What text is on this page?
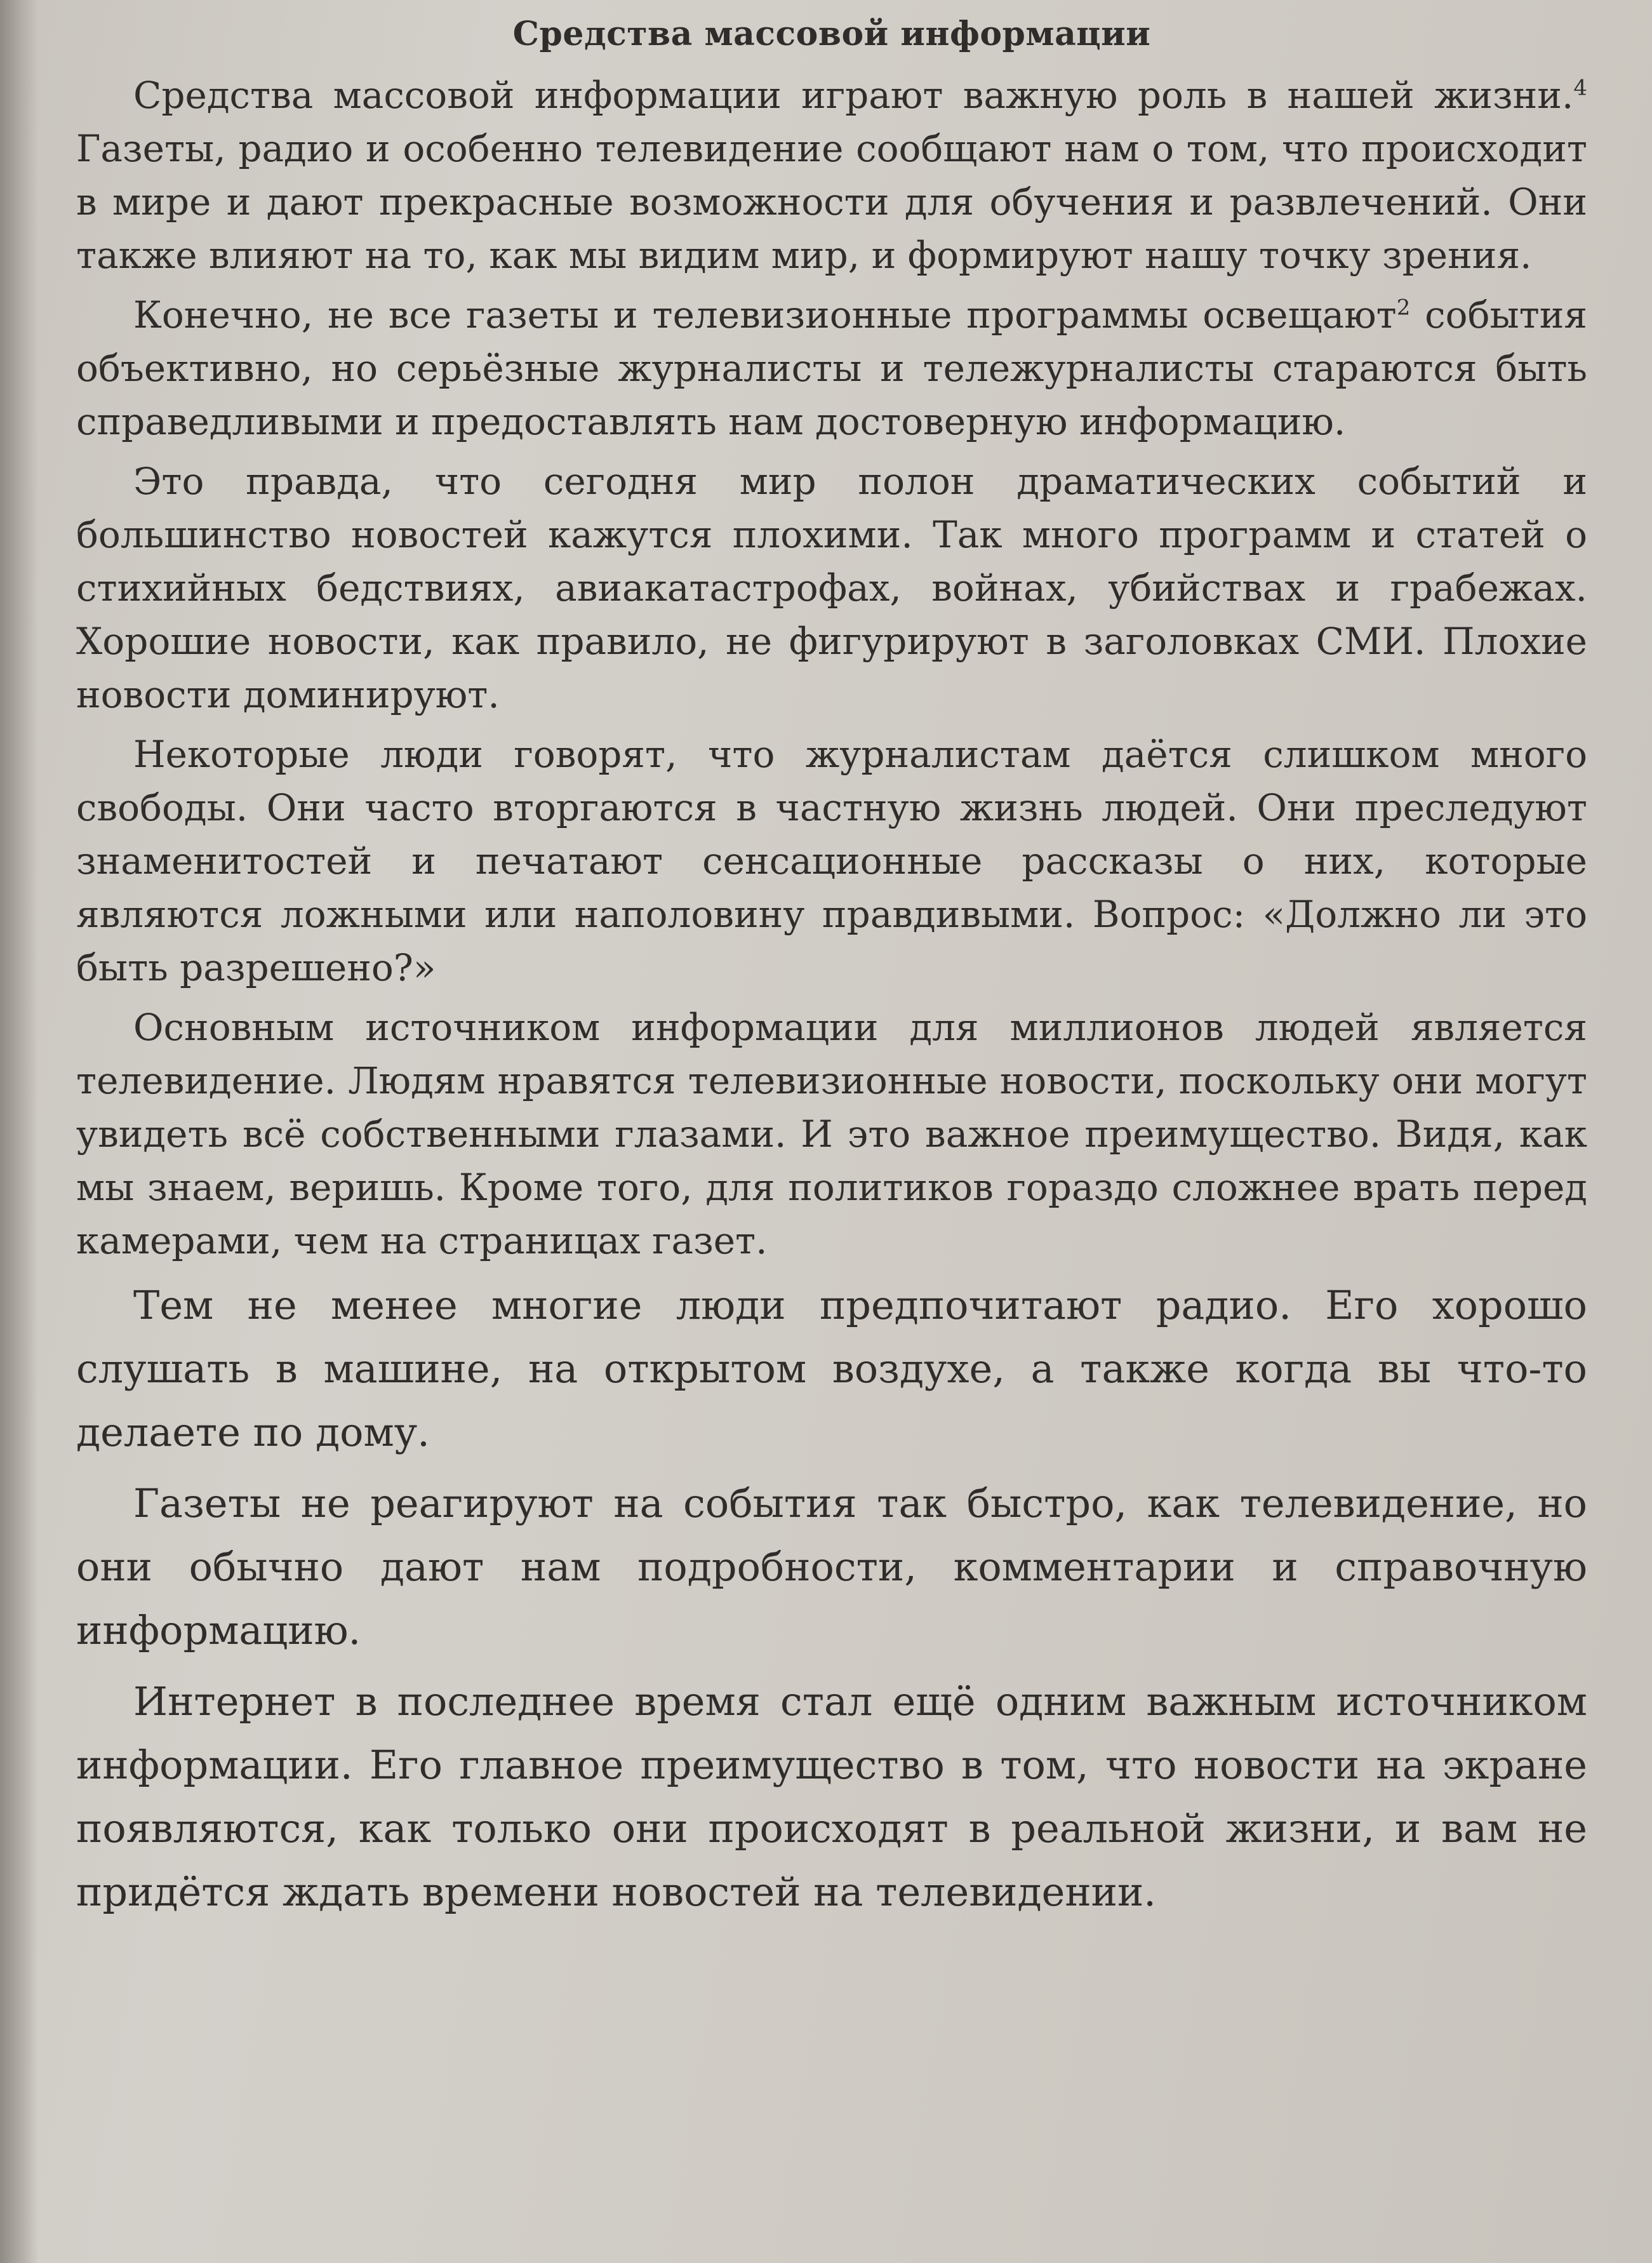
Средства массовой информации

Средства массовой информации играют важную роль в нашей жизни.$^4$ Газеты, радио и особенно телевидение сообщают нам о том, что происходит в мире и дают прекрасные возможности для обучения и развлечений. Они также влияют на то, как мы видим мир, и формируют нашу точку зрения.

Конечно, не все газеты и телевизионные программы освещают$^2$ события объективно, но серьёзные журналисты и тележурналисты стараются быть справедливыми и предоставлять нам достоверную информацию.

Это правда, что сегодня мир полон драматических событий и большинство новостей кажутся плохими. Так много программ и статей о стихийных бедствиях, авиакатастрофах, войнах, убийствах и грабежах. Хорошие новости, как правило, не фигурируют в заголовках СМИ. Плохие новости доминируют.

Некоторые люди говорят, что журналистам даётся слишком много свободы. Они часто вторгаются в частную жизнь людей. Они преследуют знаменитостей и печатают сенсационные рассказы о них, которые являются ложными или наполовину правдивыми. Вопрос: «Должно ли это быть разрешено?»

Основным источником информации для миллионов людей является телевидение. Людям нравятся телевизионные новости, поскольку они могут увидеть всё собственными глазами. И это важное преимущество. Видя, как мы знаем, веришь. Кроме того, для политиков гораздо сложнее врать перед камерами, чем на страницах газет.

Тем не менее многие люди предпочитают радио. Его хорошо слушать в машине, на открытом воздухе, а также когда вы что-то делаете по дому.

Газеты не реагируют на события так быстро, как телевидение, но они обычно дают нам подробности, комментарии и справочную информацию.

Интернет в последнее время стал ещё одним важным источником информации. Его главное преимущество в том, что новости на экране появляются, как только они происходят в реальной жизни, и вам не придётся ждать времени новостей на телевидении.
